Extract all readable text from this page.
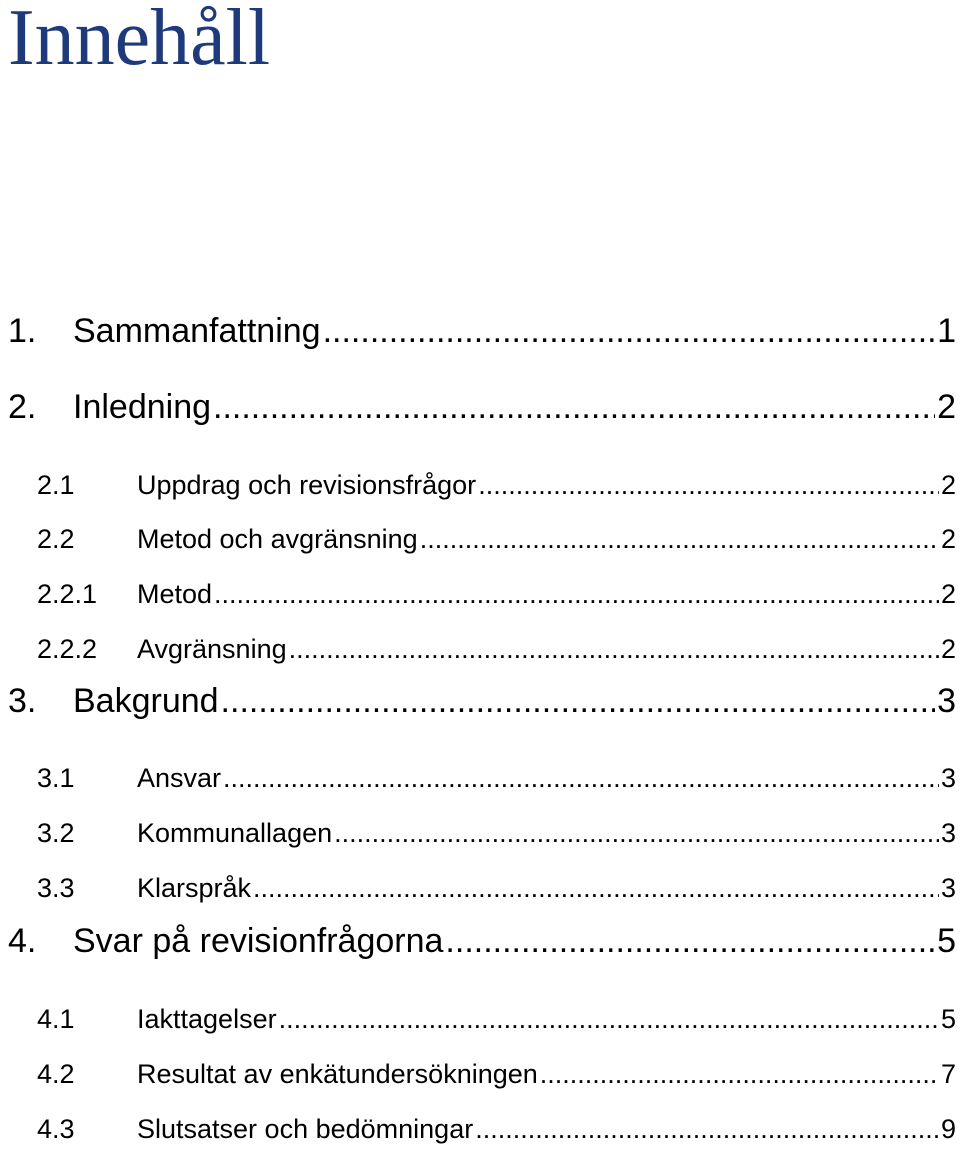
Innehåll
1.	Sammanfattning .....	1
2.	Inledning .....	2
2.1	Uppdrag och revisionsfrågor .....	2
2.2	Metod och avgränsning .....	2
2.2.1	Metod .....	2
2.2.2	Avgränsning .....	2
3.	Bakgrund .....	3
3.1	Ansvar .....	3
3.2	Kommunallagen .....	3
3.3	Klarspråk .....	3
4.	Svar på revisionfrågorna .....	5
4.1	Iakttagelser .....	5
4.2	Resultat av enkätundersökningen .....	7
4.3	Slutsatser och bedömningar .....	9
